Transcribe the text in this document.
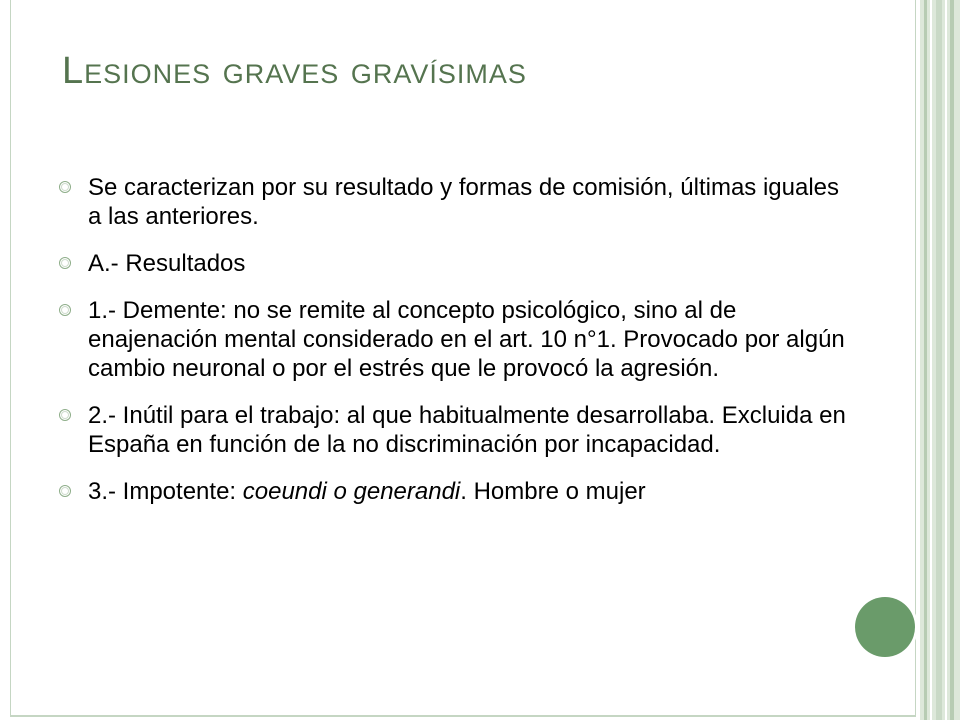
Lesiones graves gravísimas
Se caracterizan por su resultado y formas de comisión, últimas iguales a las anteriores.
A.- Resultados
1.- Demente: no se remite al concepto psicológico, sino al de enajenación mental considerado en el art. 10 n°1. Provocado por algún cambio neuronal o por el estrés que le provocó la agresión.
2.- Inútil para el trabajo: al que habitualmente desarrollaba. Excluida en España en función de la no discriminación por incapacidad.
3.- Impotente: coeundi o generandi. Hombre o mujer
